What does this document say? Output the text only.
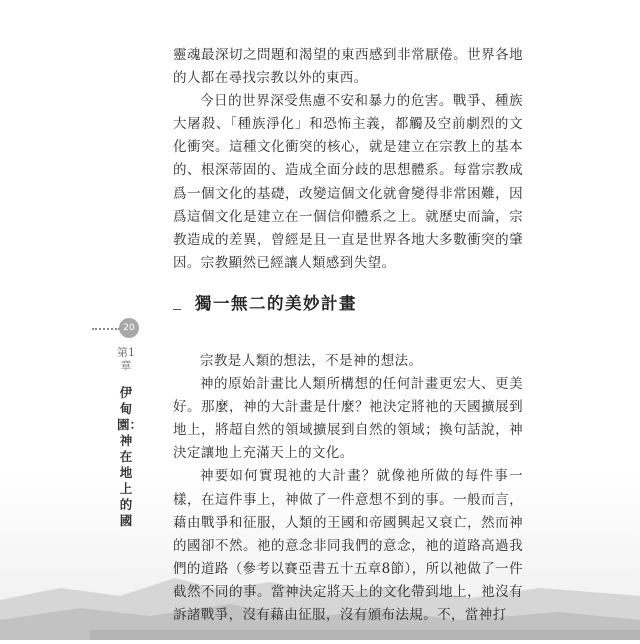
靈魂最深切之問題和渴望的東西感到非常厭倦。世界各地的人都在尋找宗教以外的東西。

今日的世界深受焦慮不安和暴力的危害。戰爭、種族大屠殺、「種族淨化」和恐怖主義，都觸及空前劇烈的文化衝突。這種文化衝突的核心，就是建立在宗教上的基本的、根深蒂固的、造成全面分歧的思想體系。每當宗教成爲一個文化的基礎，改變這個文化就會變得非常困難，因爲這個文化是建立在一個信仰體系之上。就歷史而論，宗教造成的差異，曾經是且一直是世界各地大多數衝突的肇因。宗教顯然已經讓人類感到失望。

獨一無二的美妙計畫

宗教是人類的想法，不是神的想法。

神的原始計畫比人類所構想的任何計畫更宏大、更美好。那麼，神的大計畫是什麼？祂決定將祂的天國擴展到地上，將超自然的領域擴展到自然的領域；換句話說，神決定讓地上充滿天上的文化。

神要如何實現祂的大計畫？就像祂所做的每件事一樣，在這件事上，神做了一件意想不到的事。一般而言，藉由戰爭和征服，人類的王國和帝國興起又衰亡，然而神的國卻不然。祂的意念非同我們的意念，祂的道路高過我們的道路（參考以賽亞書五十五章8節），所以祂做了一件截然不同的事。當神決定將天上的文化帶到地上，祂沒有訴諸戰爭，沒有藉由征服，沒有頒布法規。不，當神打

20
第1章
伊甸園：神在地上的國
